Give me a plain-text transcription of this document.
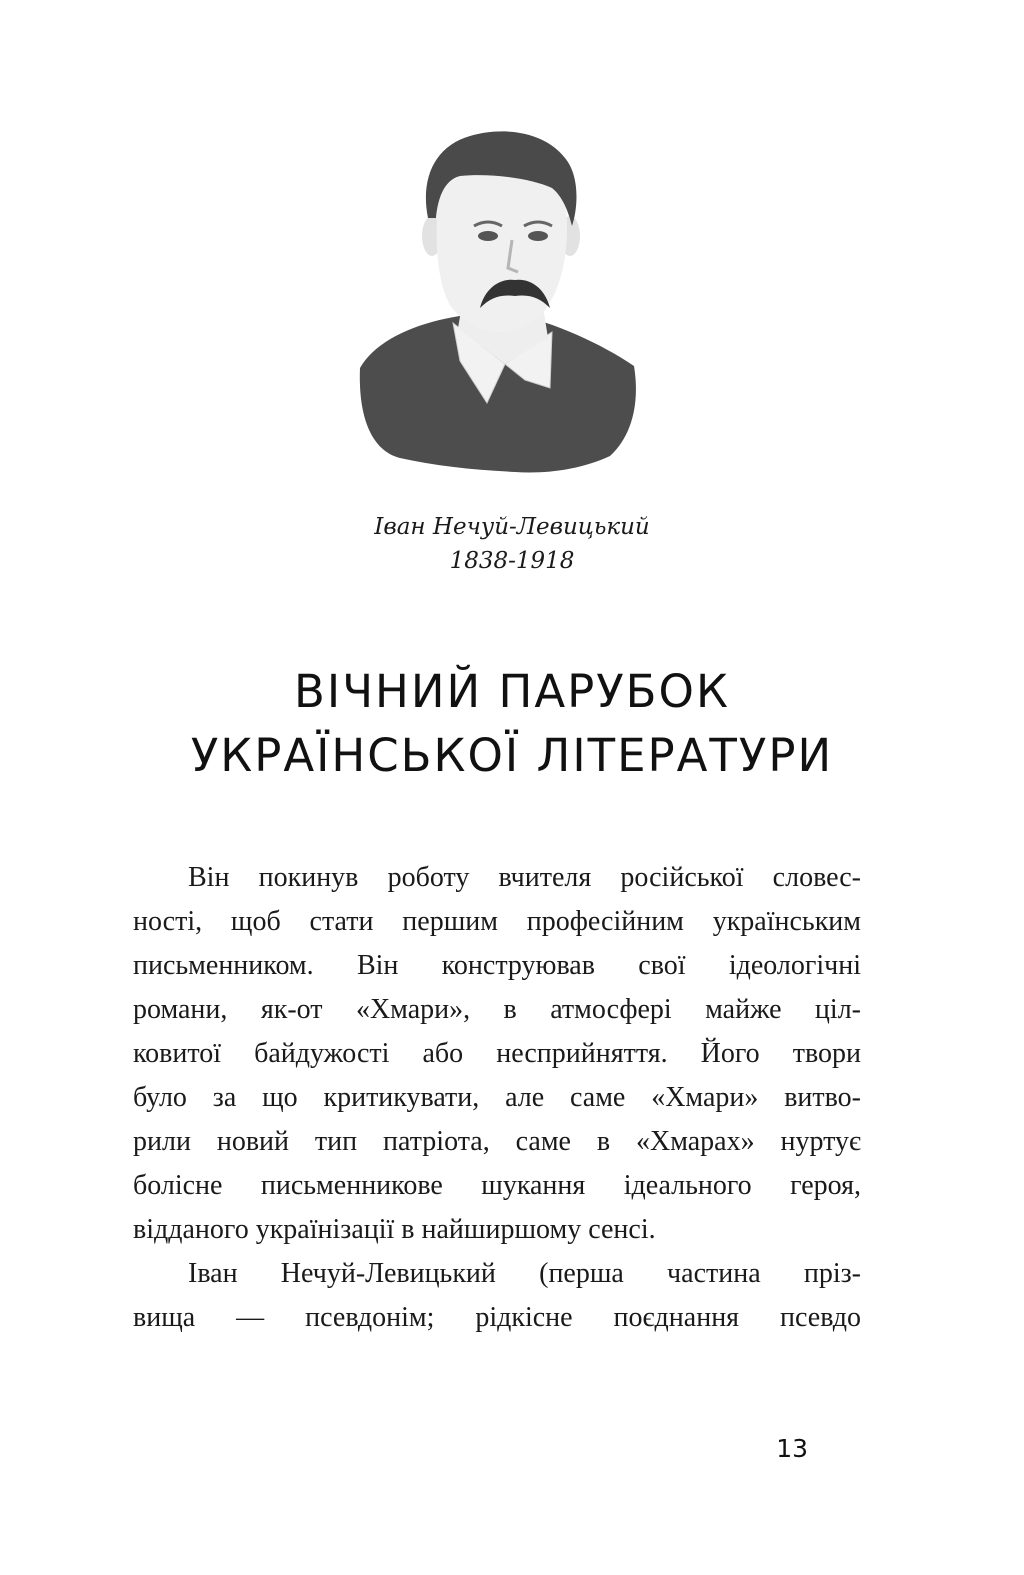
Іван Нечуй-Левицький
1838-1918
ВІЧНИЙ ПАРУБОК
УКРАЇНСЬКОЇ ЛІТЕРАТУРИ
Він покинув роботу вчителя російської словес-
ності, щоб стати першим професійним українським
письменником. Він конструював свої ідеологічні
романи, як-от «Хмари», в атмосфері майже ціл-
ковитої байдужості або несприйняття. Його твори
було за що критикувати, але саме «Хмари» витво-
рили новий тип патріота, саме в «Хмарах» нуртує
болісне письменникове шукання ідеального героя,
відданого українізації в найширшому сенсі.
Іван Нечуй-Левицький (перша частина пріз-
вища — псевдонім; рідкісне поєднання псевдо
13
